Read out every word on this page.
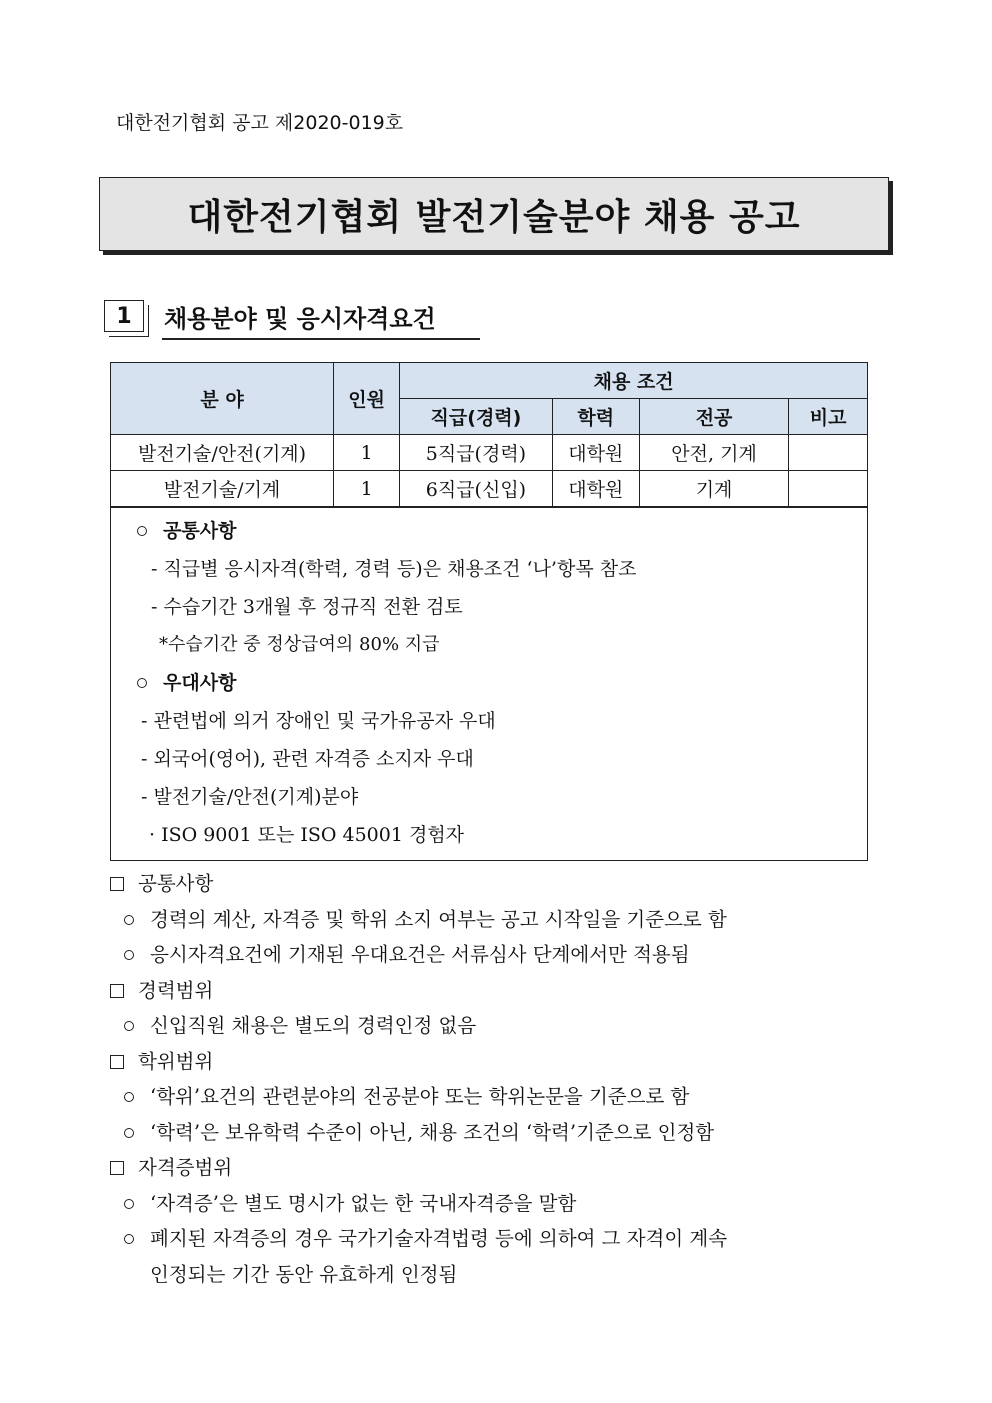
대한전기협회 공고 제2020-019호
대한전기협회 발전기술분야 채용 공고
1	채용분야 및 응시자격요건
분 야	인원	채용 조건			
		직급(경력)	학력	전공	비고
발전기술/안전(기계)	1	5직급(경력)	대학원	안전, 기계	
발전기술/기계	1	6직급(신입)	대학원	기계	
공통사항
- 직급별 응시자격(학력, 경력 등)은 채용조건 ‘나’항목 참조
- 수습기간 3개월 후 정규직 전환 검토
*수습기간 중 정상급여의 80% 지급
우대사항
- 관련법에 의거 장애인 및 국가유공자 우대
- 외국어(영어), 관련 자격증 소지자 우대
- 발전기술/안전(기계)분야
· ISO 9001 또는 ISO 45001 경험자
공통사항
경력의 계산, 자격증 및 학위 소지 여부는 공고 시작일을 기준으로 함
응시자격요건에 기재된 우대요건은 서류심사 단계에서만 적용됨
경력범위
신입직원 채용은 별도의 경력인정 없음
학위범위
‘학위’요건의 관련분야의 전공분야 또는 학위논문을 기준으로 함
‘학력’은 보유학력 수준이 아닌, 채용 조건의 ‘학력’기준으로 인정함
자격증범위
‘자격증’은 별도 명시가 없는 한 국내자격증을 말함
폐지된 자격증의 경우 국가기술자격법령 등에 의하여 그 자격이 계속
인정되는 기간 동안 유효하게 인정됨
